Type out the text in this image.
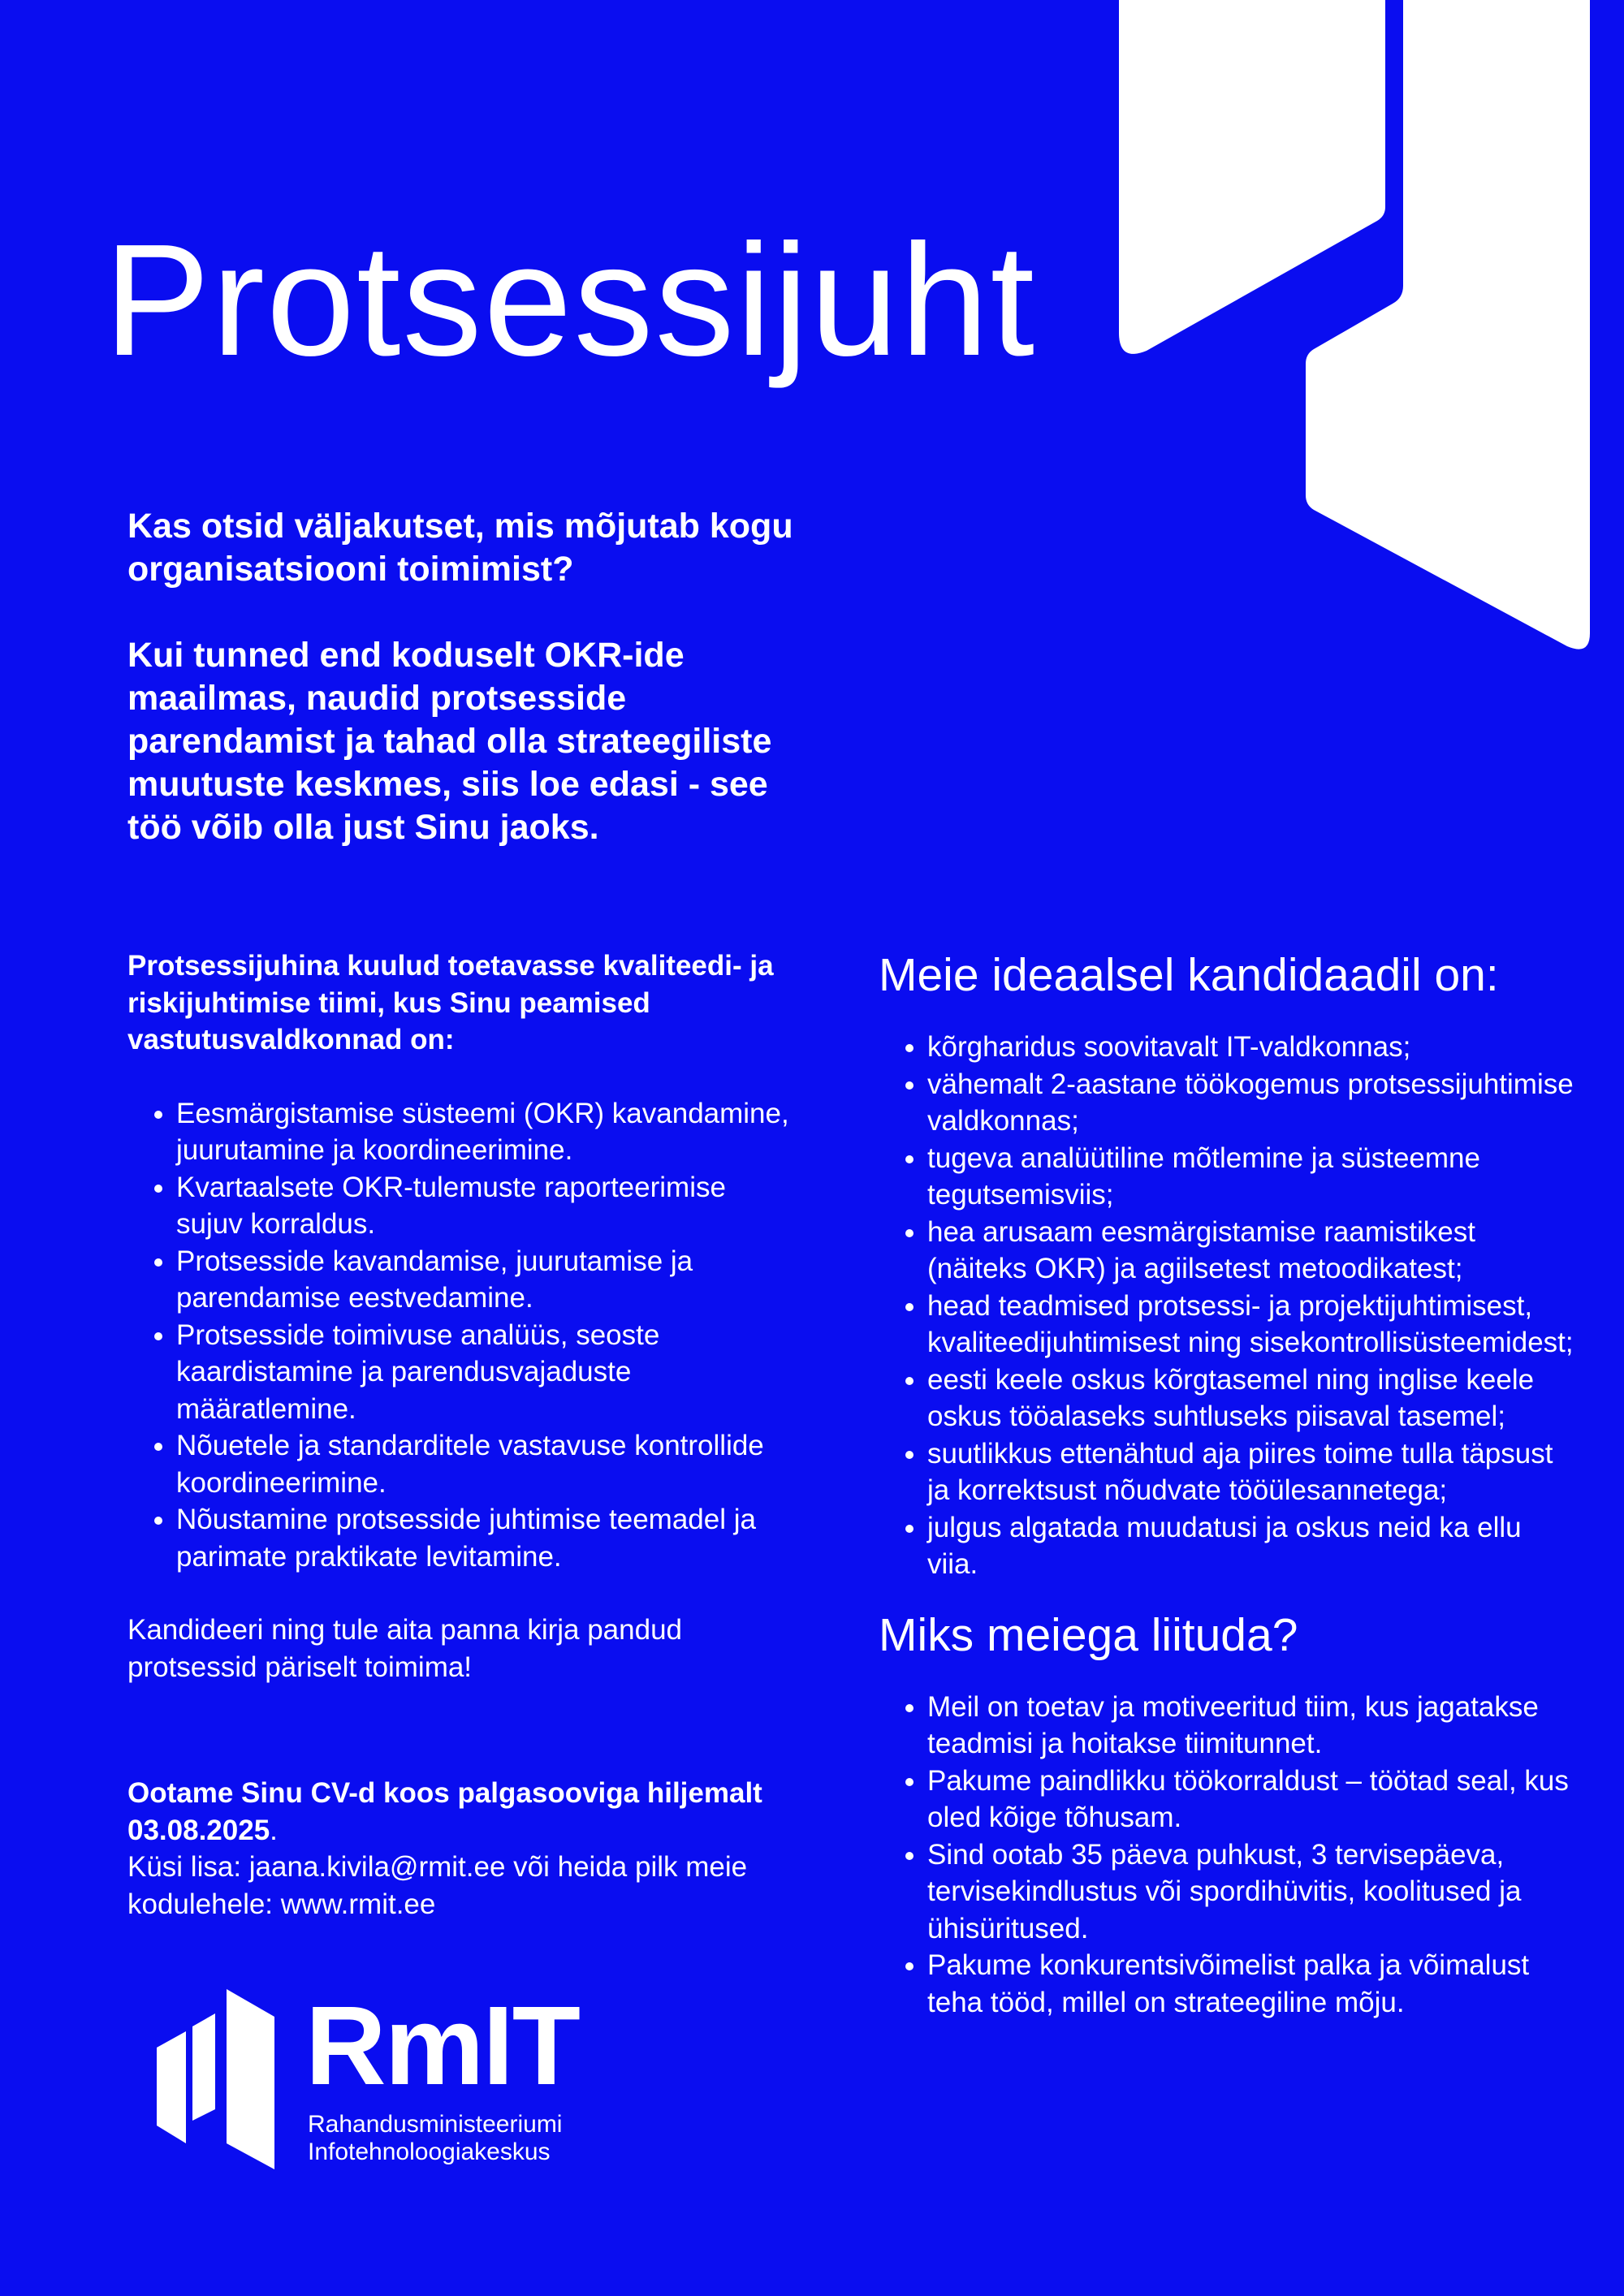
Protsessijuht

Kas otsid väljakutset, mis mõjutab kogu organisatsiooni toimimist?

Kui tunned end koduselt OKR-ide maailmas, naudid protsesside parendamist ja tahad olla strateegiliste muutuste keskmes, siis loe edasi - see töö võib olla just Sinu jaoks.

Protsessijuhina kuulud toetavasse kvaliteedi- ja riskijuhtimise tiimi, kus Sinu peamised vastutusvaldkonnad on:

• Eesmärgistamise süsteemi (OKR) kavandamine, juurutamine ja koordineerimine.
• Kvartaalsete OKR-tulemuste raporteerimise sujuv korraldus.
• Protsesside kavandamise, juurutamise ja parendamise eestvedamine.
• Protsesside toimivuse analüüs, seoste kaardistamine ja parendusvajaduste määratlemine.
• Nõuetele ja standarditele vastavuse kontrollide koordineerimine.
• Nõustamine protsesside juhtimise teemadel ja parimate praktikate levitamine.

Kandideeri ning tule aita panna kirja pandud protsessid päriselt toimima!

Ootame Sinu CV-d koos palgasooviga hiljemalt 03.08.2025.
Küsi lisa: jaana.kivila@rmit.ee või heida pilk meie kodulehele: www.rmit.ee

Meie ideaalsel kandidaadil on:
• kõrgharidus soovitavalt IT-valdkonnas;
• vähemalt 2-aastane töökogemus protsessijuhtimise valdkonnas;
• tugeva analüütiline mõtlemine ja süsteemne tegutsemisviis;
• hea arusaam eesmärgistamise raamistikest (näiteks OKR) ja agiilsetest metoodikatest;
• head teadmised protsessi- ja projektijuhtimisest, kvaliteedijuhtimisest ning sisekontrollisüsteemidest;
• eesti keele oskus kõrgtasemel ning inglise keele oskus tööalaseks suhtluseks piisaval tasemel;
• suutlikkus ettenähtud aja piires toime tulla täpsust ja korrektsust nõudvate tööülesannetega;
• julgus algatada muudatusi ja oskus neid ka ellu viia.
Miks meiega liituda?
• Meil on toetav ja motiveeritud tiim, kus jagatakse teadmisi ja hoitakse tiimitunnet.
• Pakume paindlikku töökorraldust – töötad seal, kus oled kõige tõhusam.
• Sind ootab 35 päeva puhkust, 3 tervisepäeva, tervisekindlustus või spordihüvitis, koolitused ja ühisüritused.
• Pakume konkurentsivõimelist palka ja võimalust teha tööd, millel on strateegiline mõju.
RmIT
Rahandusministeeriumi
Infotehnoloogiakeskus
